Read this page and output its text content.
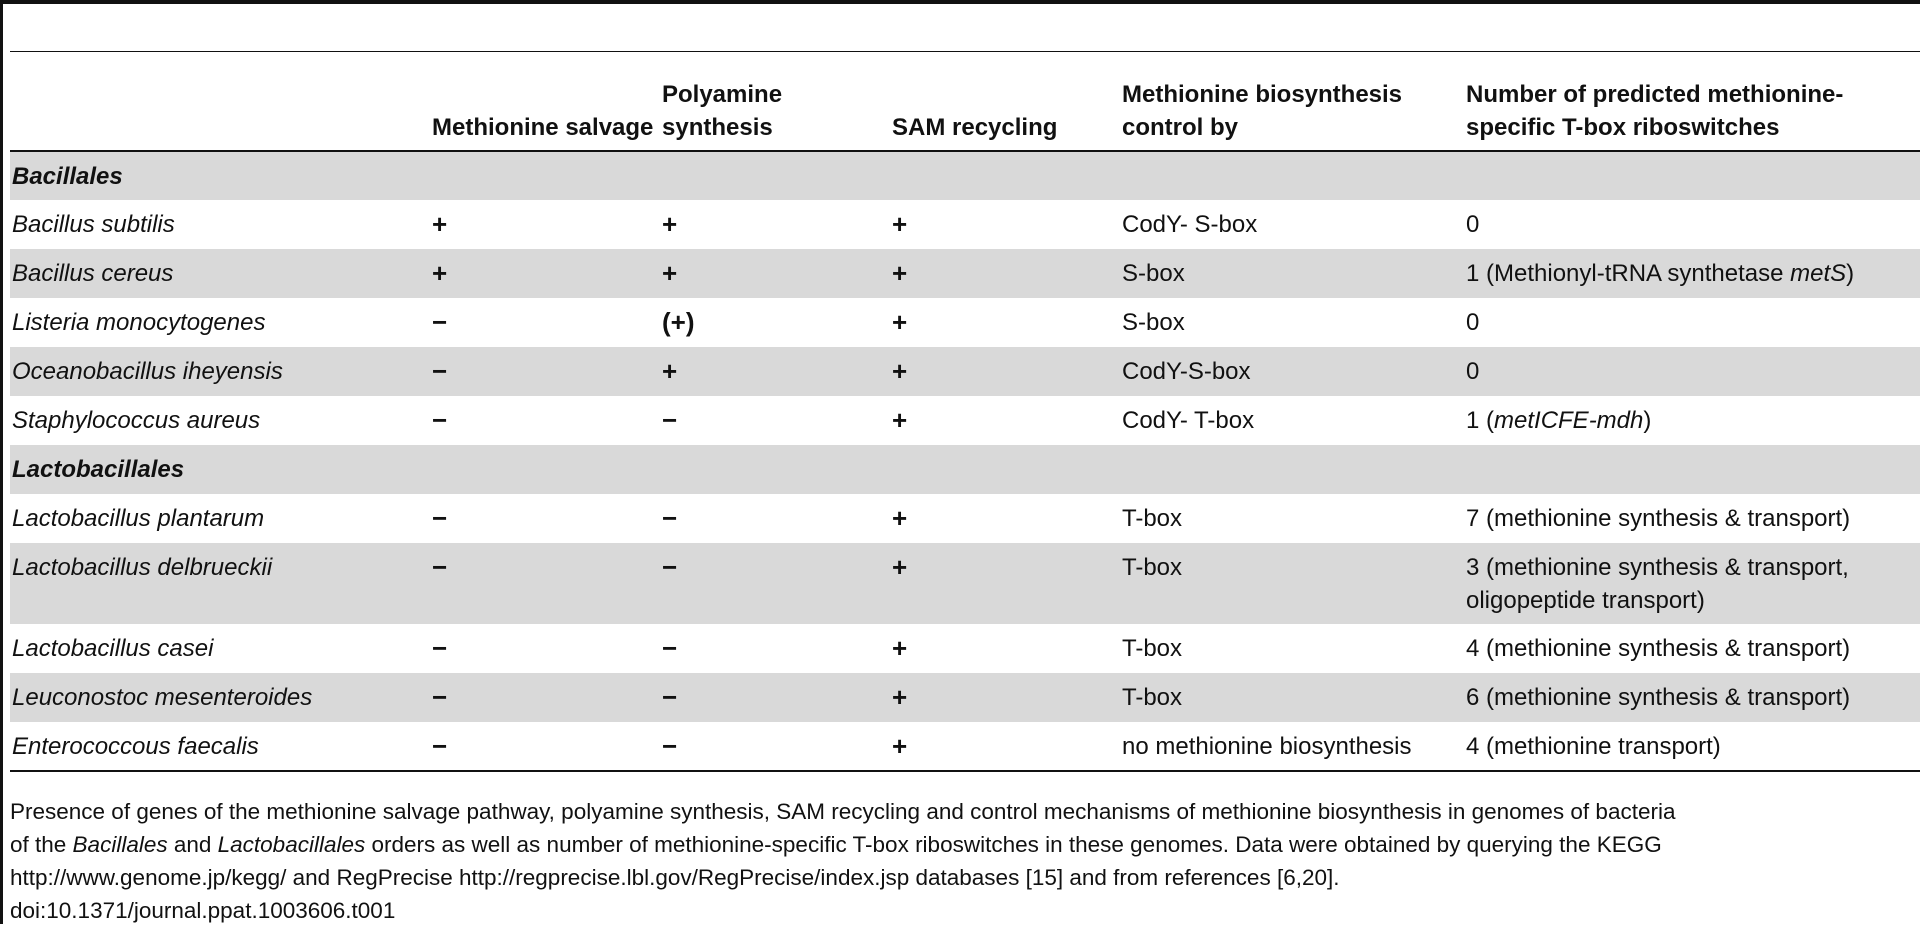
	Methionine salvage	Polyamine synthesis	SAM recycling	Methionine biosynthesis control by	Number of predicted methionine-specific T-box riboswitches
Bacillales					
Bacillus subtilis	+	+	+	CodY- S-box	0
Bacillus cereus	+	+	+	S-box	1 (Methionyl-tRNA synthetase metS)
Listeria monocytogenes	−	(+)	+	S-box	0
Oceanobacillus iheyensis	−	+	+	CodY-S-box	0
Staphylococcus aureus	−	−	+	CodY- T-box	1 (metICFE-mdh)
Lactobacillales					
Lactobacillus plantarum	−	−	+	T-box	7 (methionine synthesis & transport)
Lactobacillus delbrueckii	−	−	+	T-box	3 (methionine synthesis & transport,
oligopeptide transport)

Lactobacillus casei	−	−	+	T-box	4 (methionine synthesis & transport)
Leuconostoc mesenteroides	−	−	+	T-box	6 (methionine synthesis & transport)
Enterococcous faecalis	−	−	+	no methionine biosynthesis	4 (methionine transport)
Presence of genes of the methionine salvage pathway, polyamine synthesis, SAM recycling and control mechanisms of methionine biosynthesis in genomes of bacteria
of the Bacillales and Lactobacillales orders as well as number of methionine-specific T-box riboswitches in these genomes. Data were obtained by querying the KEGG
http://www.genome.jp/kegg/ and RegPrecise http://regprecise.lbl.gov/RegPrecise/index.jsp databases [15] and from references [6,20].
doi:10.1371/journal.ppat.1003606.t001
